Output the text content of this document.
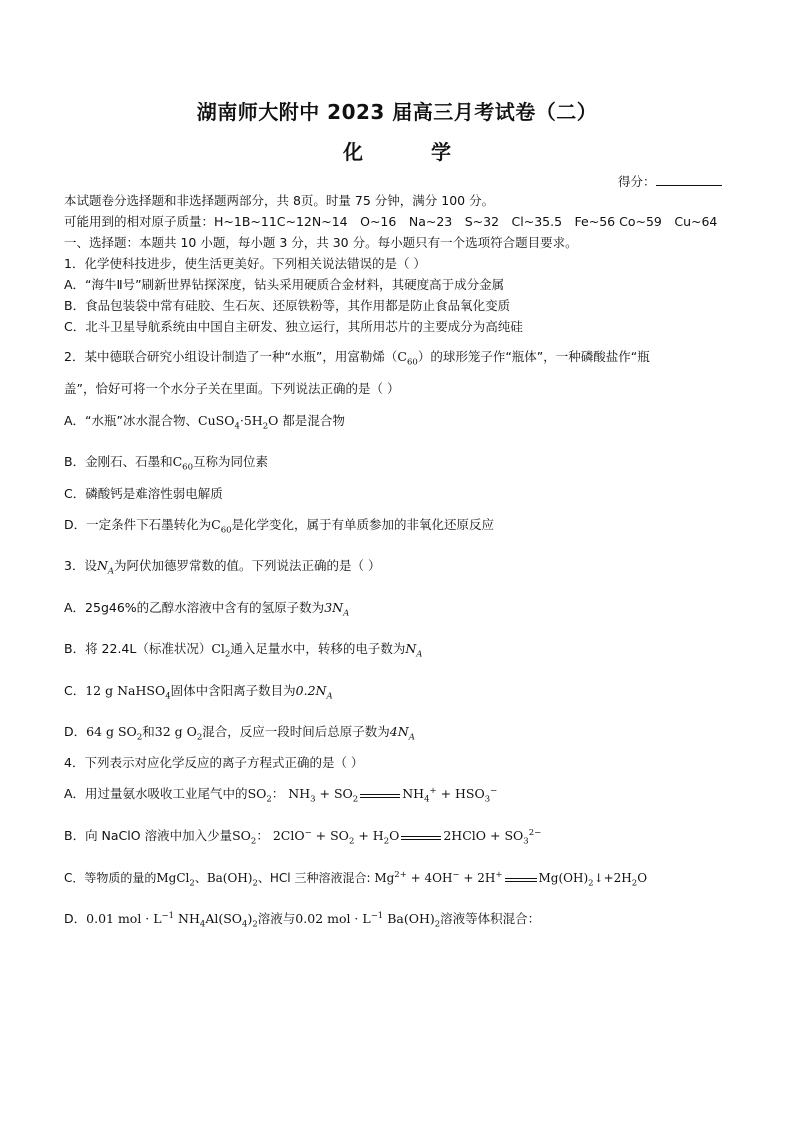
湖南师大附中 2023 届高三月考试卷（二）
化　学
得分：
本试题卷分选择题和非选择题两部分，共 8页。时量 75 分钟，满分 100 分。
可能用到的相对原子质量：H~1B~11C~12N~14　O~16　Na~23　S~32　Cl~35.5　Fe~56 Co~59　Cu~64
一、选择题：本题共 10 小题，每小题 3 分，共 30 分。每小题只有一个选项符合题目要求。
1．化学使科技进步，使生活更美好。下列相关说法错误的是（ ）
A．“海牛Ⅱ号”刷新世界钻探深度，钻头采用硬质合金材料，其硬度高于成分金属
B．食品包装袋中常有硅胶、生石灰、还原铁粉等，其作用都是防止食品氧化变质
C．北斗卫星导航系统由中国自主研发、独立运行，其所用芯片的主要成分为高纯硅
2．某中德联合研究小组设计制造了一种“水瓶”，用富勒烯$(C_{60})$的球形笼子作“瓶体”，一种磷酸盐作“瓶
盖”，恰好可将一个水分子关在里面。下列说法正确的是（ ）
A．“水瓶”冰水混合物、$CuSO_4\cdot 5H_2O$ 都是混合物
B．金刚石、石墨和$C_{60}$互称为同位素
C．磷酸钙是难溶性弱电解质
D．一定条件下石墨转化为$C_{60}$是化学变化，属于有单质参加的非氧化还原反应
3．设$N_A$为阿伏加德罗常数的值。下列说法正确的是（ ）
A．25g46%的乙醇水溶液中含有的氢原子数为$3N_A$
B．将 22.4L（标准状况）$Cl_2$通入足量水中，转移的电子数为$N_A$
C．12 g NaHSO$_4$固体中含阳离子数目为$0.2N_A$
D．64 g $SO_2$和32 g $O_2$混合，反应一段时间后总原子数为$4N_A$
4．下列表示对应化学反应的离子方程式正确的是（ ）
A．用过量氨水吸收工业尾气中的$SO_2$： $NH_3 + SO_2$	$NH_4^+ + HSO_3^-$
B．向 NaClO 溶液中加入少量$SO_2$： $2ClO^- + SO_2 + H_2O$	2HClO + $SO_3^{2-}$
C．等物质的量的MgCl$_2$、$Ba(OH)_2$、HCl 三种溶液混合: $Mg^{2+} + 4OH^- + 2H^+$	$Mg(OH)_2↓+2H_2O$
D．0.01 mol · $L^{-1}$ $NH_4Al(SO_4)_2$溶液与0.02 mol · $L^{-1}$ $Ba(OH)_2$溶液等体积混合：
